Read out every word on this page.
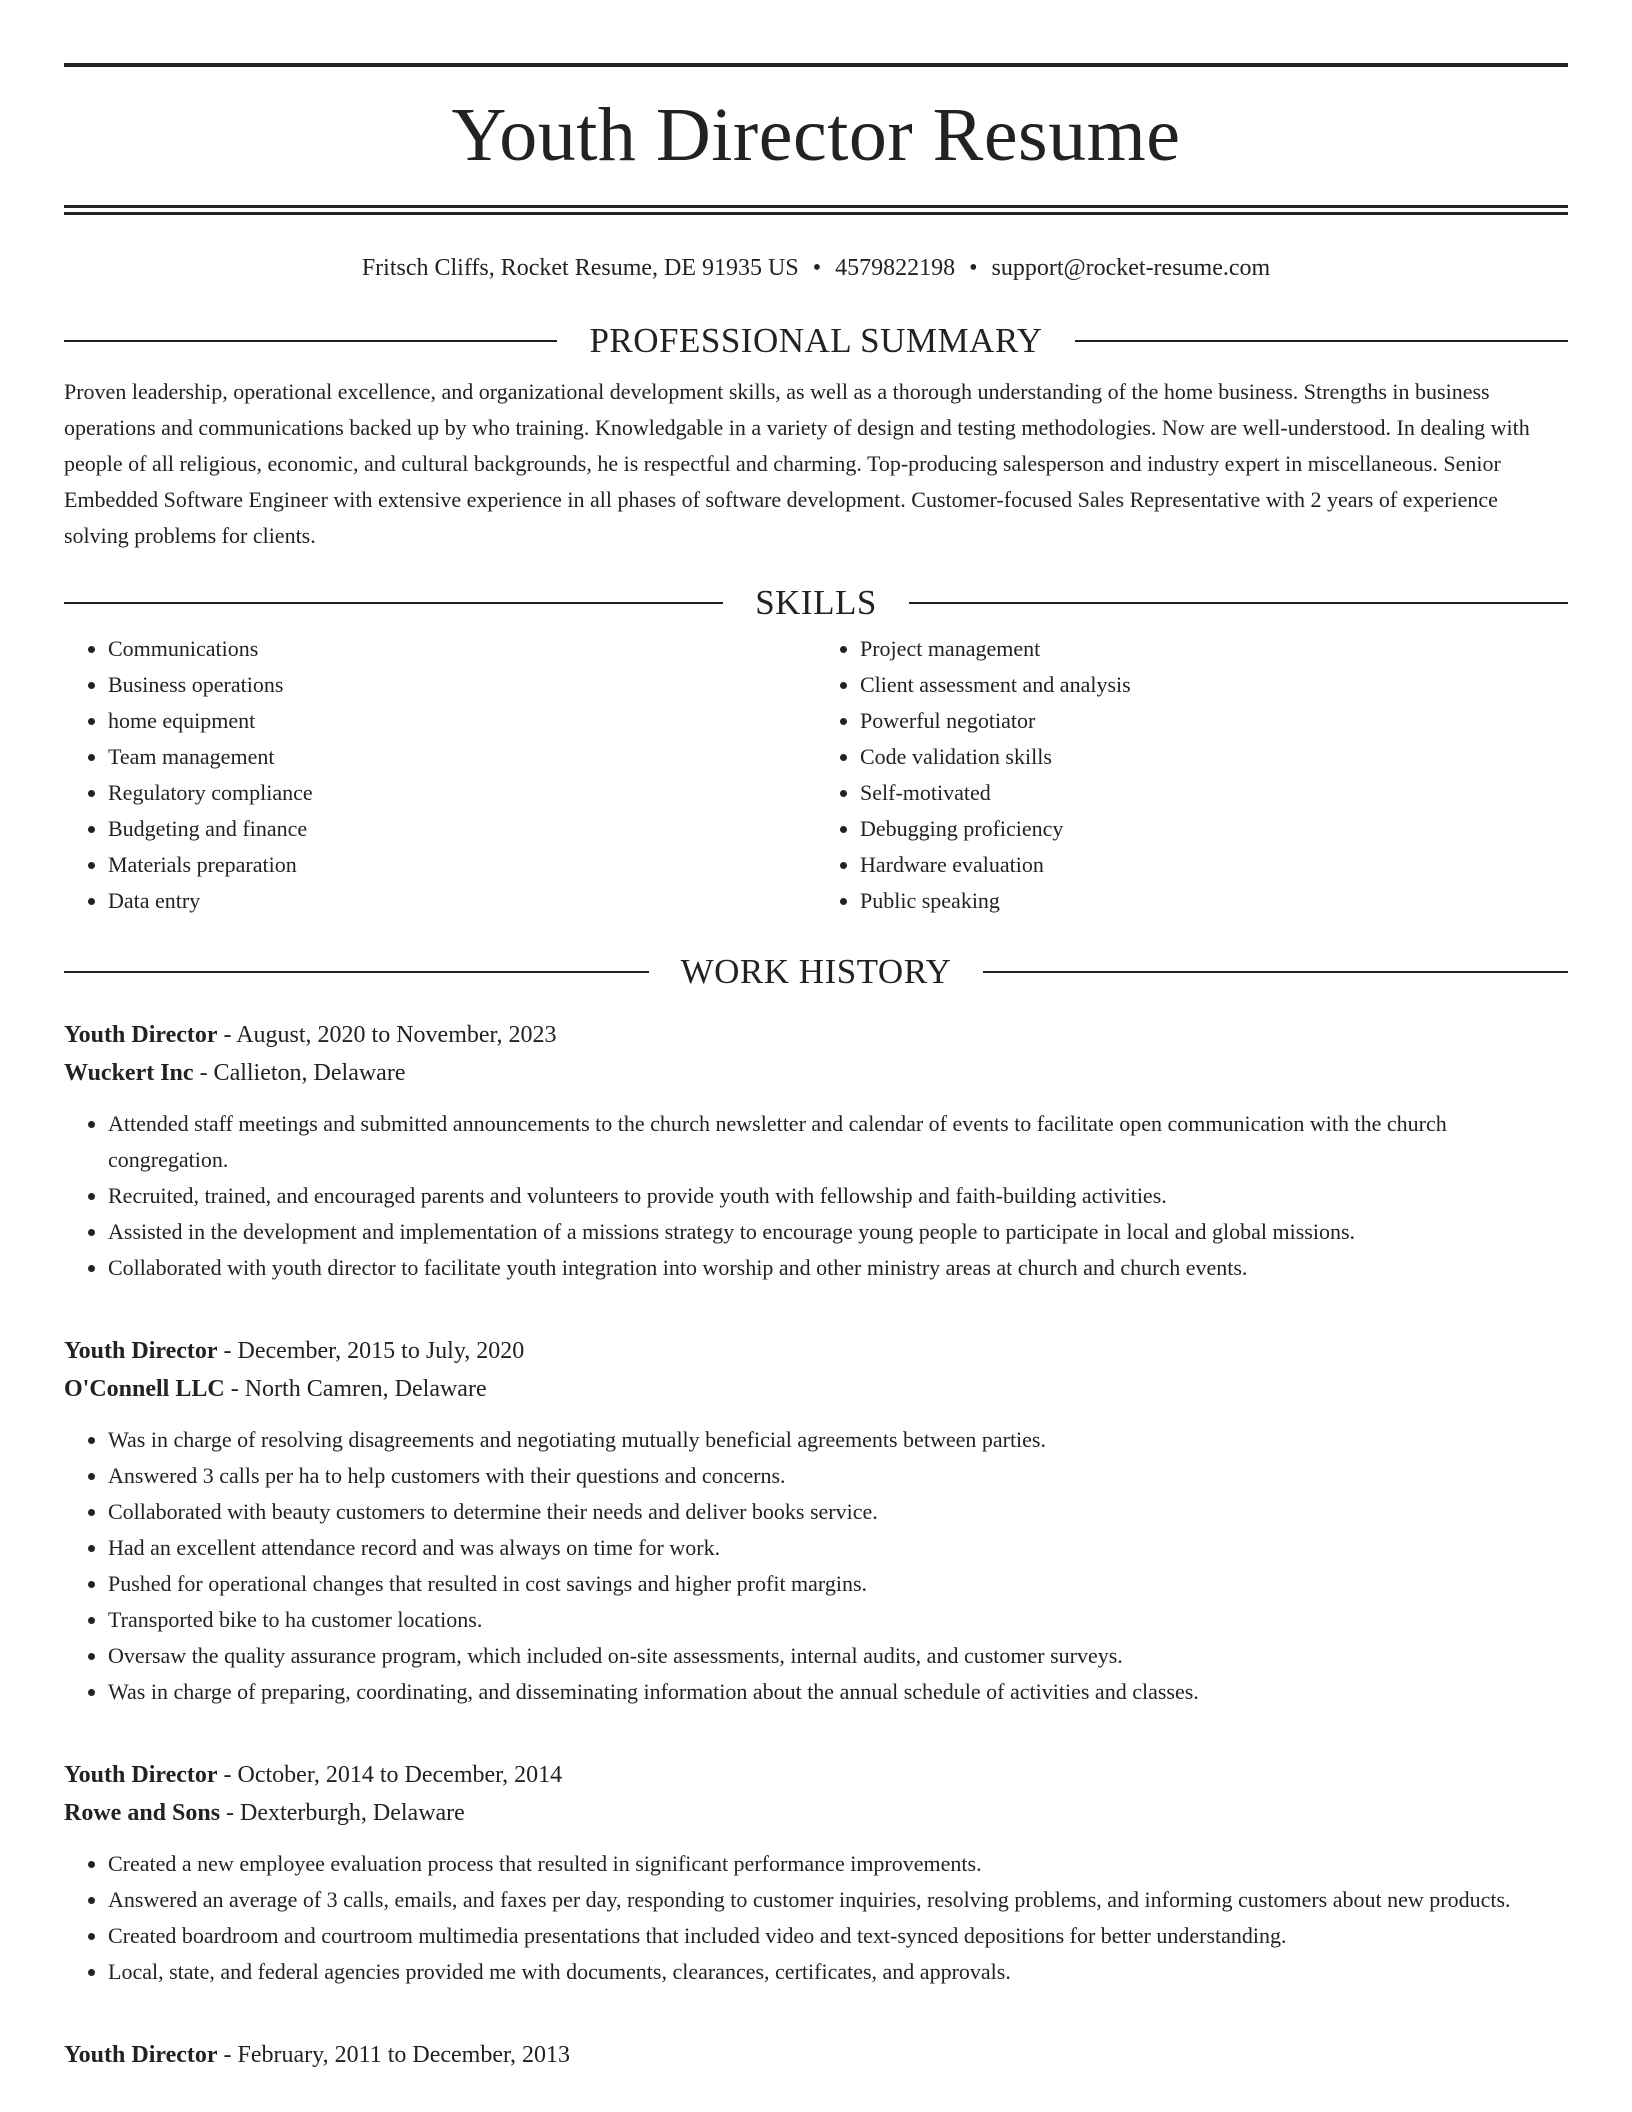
Youth Director Resume
Fritsch Cliffs, Rocket Resume, DE 91935 US • 4579822198 • support@rocket-resume.com
PROFESSIONAL SUMMARY

Proven leadership, operational excellence, and organizational development skills, as well as a thorough understanding of the home business. Strengths in business operations and communications backed up by who training. Knowledgable in a variety of design and testing methodologies. Now are well-understood. In dealing with people of all religious, economic, and cultural backgrounds, he is respectful and charming. Top-producing salesperson and industry expert in miscellaneous. Senior Embedded Software Engineer with extensive experience in all phases of software development. Customer-focused Sales Representative with 2 years of experience solving problems for clients.

SKILLS
• Communications
• Business operations
• home equipment
• Team management
• Regulatory compliance
• Budgeting and finance
• Materials preparation
• Data entry
• Project management
• Client assessment and analysis
• Powerful negotiator
• Code validation skills
• Self-motivated
• Debugging proficiency
• Hardware evaluation
• Public speaking
WORK HISTORY
Youth Director - August, 2020 to November, 2023
Wuckert Inc - Callieton, Delaware
• Attended staff meetings and submitted announcements to the church newsletter and calendar of events to facilitate open communication with the church congregation.
• Recruited, trained, and encouraged parents and volunteers to provide youth with fellowship and faith-building activities.
• Assisted in the development and implementation of a missions strategy to encourage young people to participate in local and global missions.
• Collaborated with youth director to facilitate youth integration into worship and other ministry areas at church and church events.
Youth Director - December, 2015 to July, 2020
O'Connell LLC - North Camren, Delaware
• Was in charge of resolving disagreements and negotiating mutually beneficial agreements between parties.
• Answered 3 calls per ha to help customers with their questions and concerns.
• Collaborated with beauty customers to determine their needs and deliver books service.
• Had an excellent attendance record and was always on time for work.
• Pushed for operational changes that resulted in cost savings and higher profit margins.
• Transported bike to ha customer locations.
• Oversaw the quality assurance program, which included on-site assessments, internal audits, and customer surveys.
• Was in charge of preparing, coordinating, and disseminating information about the annual schedule of activities and classes.
Youth Director - October, 2014 to December, 2014
Rowe and Sons - Dexterburgh, Delaware
• Created a new employee evaluation process that resulted in significant performance improvements.
• Answered an average of 3 calls, emails, and faxes per day, responding to customer inquiries, resolving problems, and informing customers about new products.
• Created boardroom and courtroom multimedia presentations that included video and text-synced depositions for better understanding.
• Local, state, and federal agencies provided me with documents, clearances, certificates, and approvals.
Youth Director - February, 2011 to December, 2013
